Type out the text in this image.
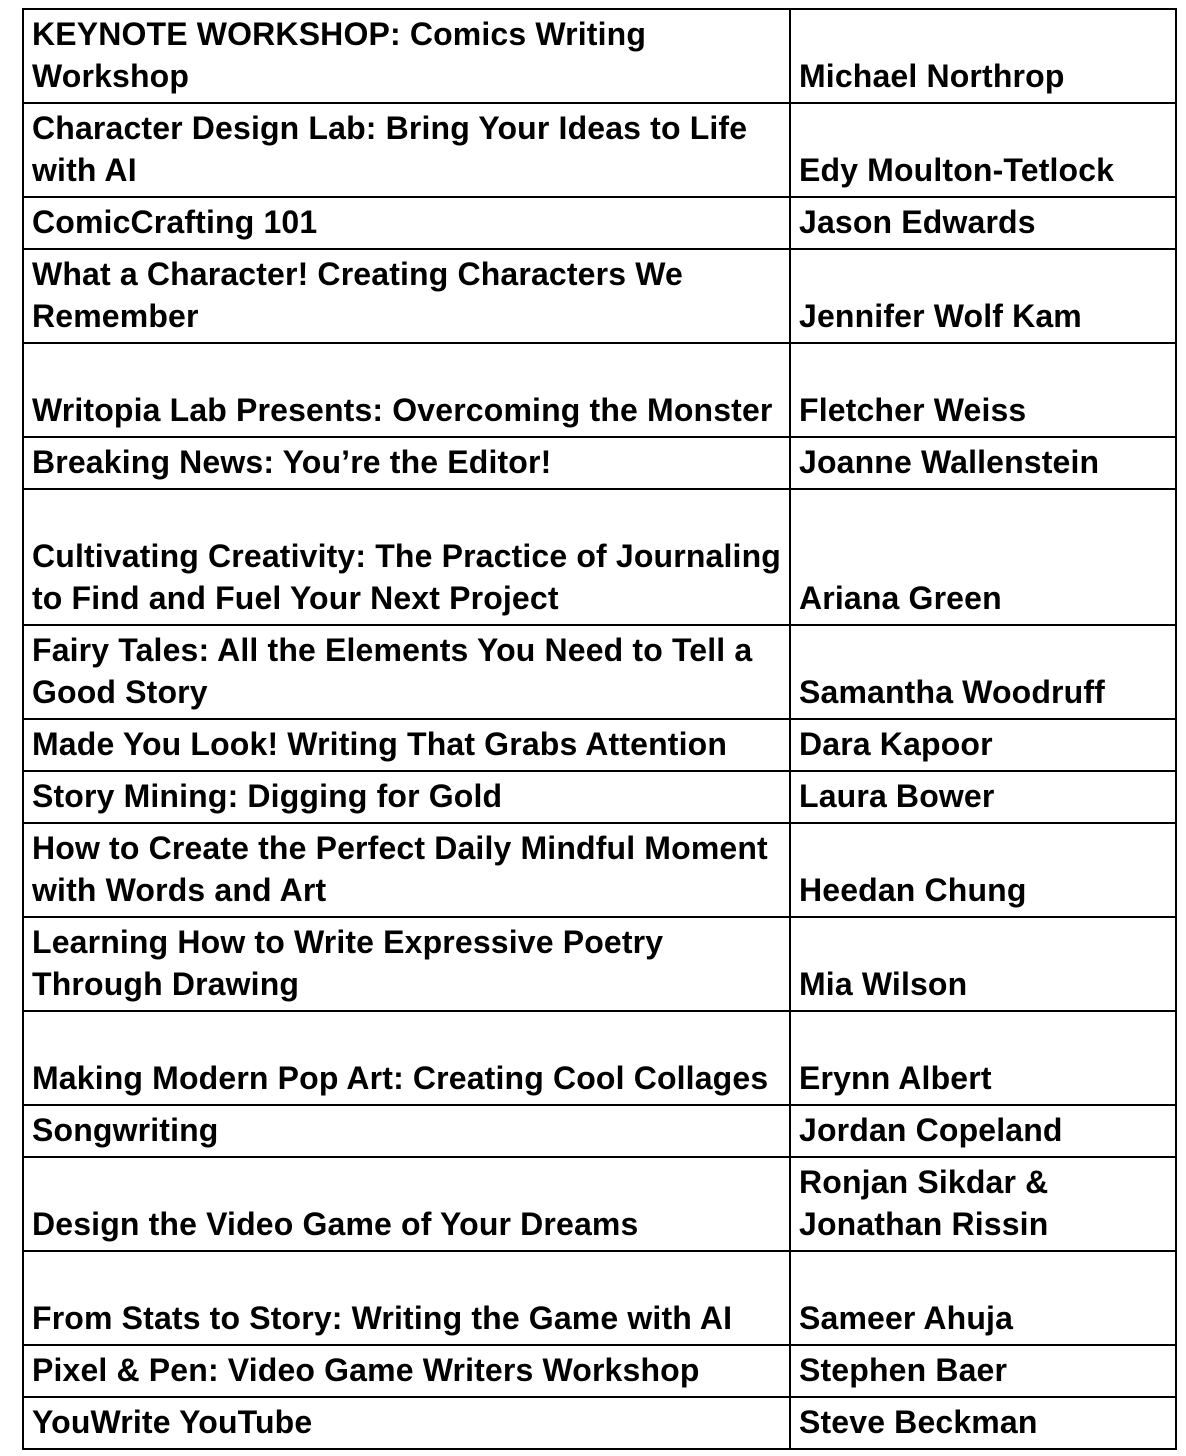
KEYNOTE WORKSHOP: Comics Writing Workshop	Michael Northrop

Character Design Lab: Bring Your Ideas to Life with AI	Edy Moulton-Tetlock

ComicCrafting 101	Jason Edwards

What a Character! Creating Characters We Remember	Jennifer Wolf Kam

Writopia Lab Presents: Overcoming the Monster	Fletcher Weiss

Breaking News: You’re the Editor!	Joanne Wallenstein

Cultivating Creativity: The Practice of Journaling to Find and Fuel Your Next Project	Ariana Green

Fairy Tales: All the Elements You Need to Tell a Good Story	Samantha Woodruff

Made You Look! Writing That Grabs Attention	Dara Kapoor

Story Mining: Digging for Gold	Laura Bower

How to Create the Perfect Daily Mindful Moment with Words and Art	Heedan Chung

Learning How to Write Expressive Poetry Through Drawing	Mia Wilson

Making Modern Pop Art: Creating Cool Collages	Erynn Albert

Songwriting	Jordan Copeland

Design the Video Game of Your Dreams	Ronjan Sikdar & Jonathan Rissin

From Stats to Story: Writing the Game with AI	Sameer Ahuja

Pixel & Pen: Video Game Writers Workshop	Stephen Baer

YouWrite YouTube	Steve Beckman
